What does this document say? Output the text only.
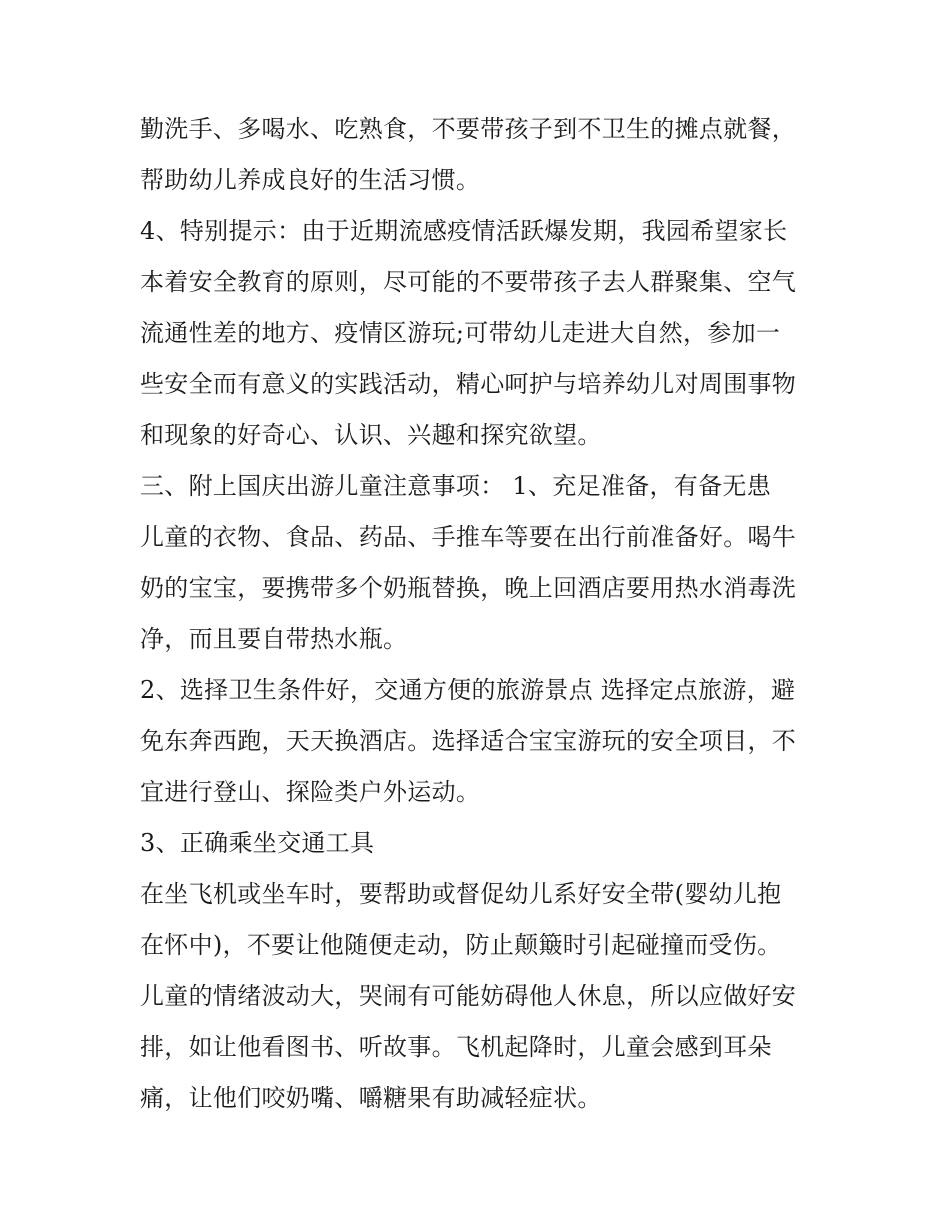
勤洗手、多喝水、吃熟食，不要带孩子到不卫生的摊点就餐，
帮助幼儿养成良好的生活习惯。
4、特别提示：由于近期流感疫情活跃爆发期，我园希望家长
本着安全教育的原则，尽可能的不要带孩子去人群聚集、空气
流通性差的地方、疫情区游玩;可带幼儿走进大自然，参加一
些安全而有意义的实践活动，精心呵护与培养幼儿对周围事物
和现象的好奇心、认识、兴趣和探究欲望。
三、附上国庆出游儿童注意事项： 1、充足准备，有备无患
儿童的衣物、食品、药品、手推车等要在出行前准备好。喝牛
奶的宝宝，要携带多个奶瓶替换，晚上回酒店要用热水消毒洗
净，而且要自带热水瓶。
2、选择卫生条件好，交通方便的旅游景点 选择定点旅游，避
免东奔西跑，天天换酒店。选择适合宝宝游玩的安全项目，不
宜进行登山、探险类户外运动。
3、正确乘坐交通工具
在坐飞机或坐车时，要帮助或督促幼儿系好安全带(婴幼儿抱
在怀中)，不要让他随便走动，防止颠簸时引起碰撞而受伤。
儿童的情绪波动大，哭闹有可能妨碍他人休息，所以应做好安
排，如让他看图书、听故事。飞机起降时，儿童会感到耳朵
痛，让他们咬奶嘴、嚼糖果有助减轻症状。
